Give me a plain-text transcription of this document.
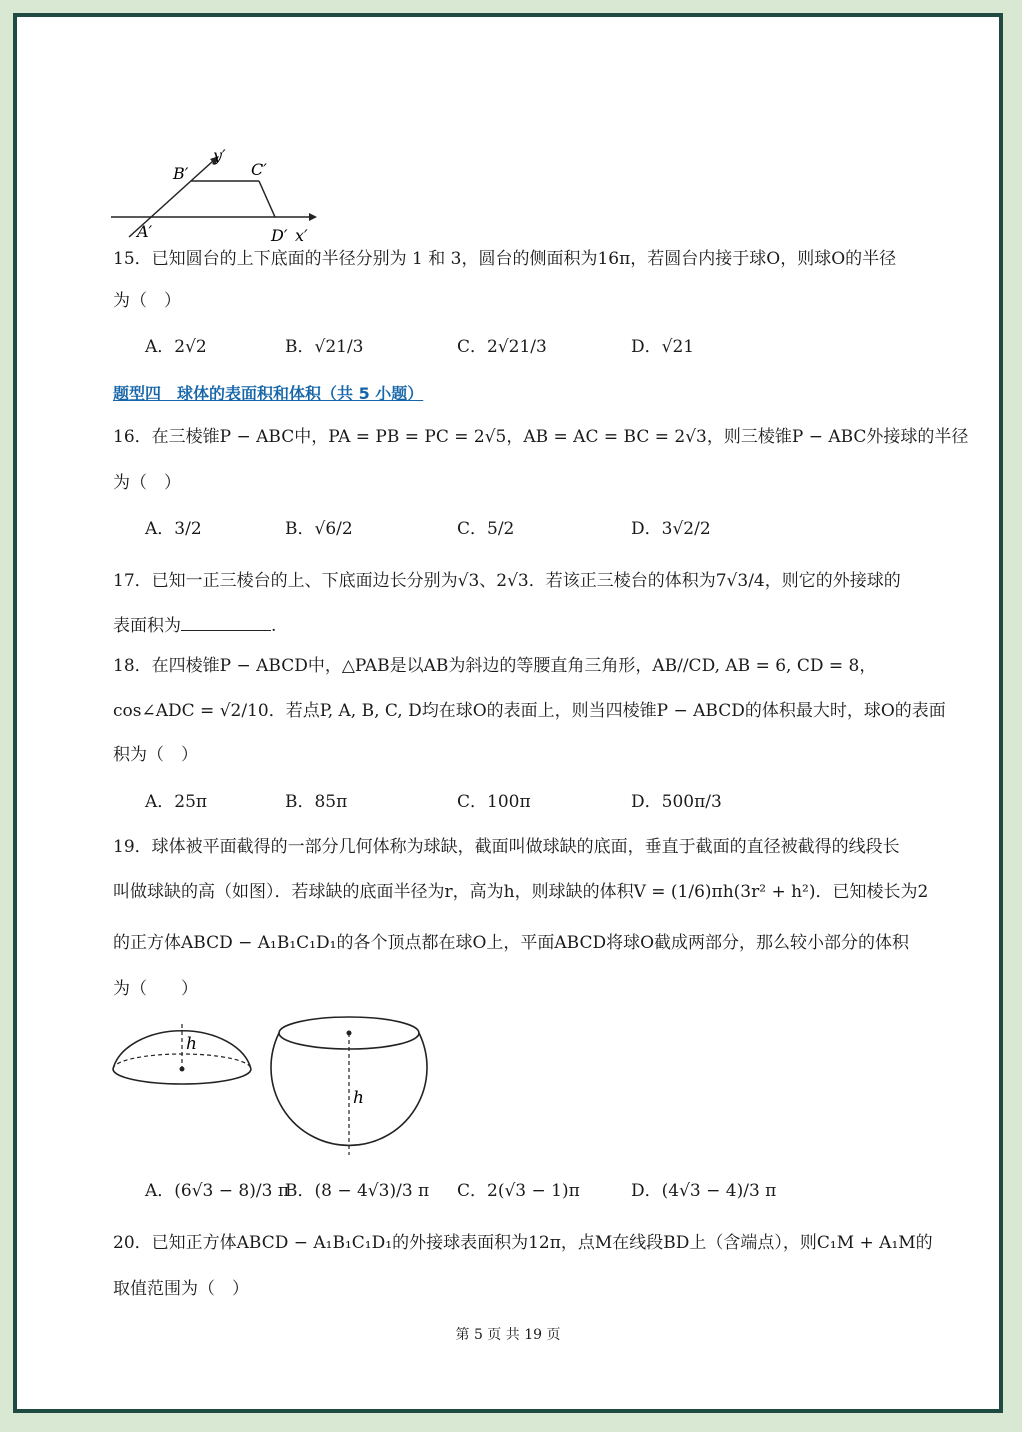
B′
y′
C′
A′	D′ x′
15．已知圆台的上下底面的半径分别为 1 和 3，圆台的侧面积为16π，若圆台内接于球O，则球O的半径
为（　）
A．2√2	B．√21/3	C．2√21/3	D．√21
题型四　球体的表面积和体积（共 5 小题）
16．在三棱锥P − ABC中，PA = PB = PC = 2√5，AB = AC = BC = 2√3，则三棱锥P − ABC外接球的半径
为（　）
A．3/2	B．√6/2	C．5/2	D．3√2/2
17．已知一正三棱台的上、下底面边长分别为√3、2√3．若该正三棱台的体积为7√3/4，则它的外接球的
表面积为	.
18．在四棱锥P − ABCD中，△PAB是以AB为斜边的等腰直角三角形，AB//CD, AB = 6, CD = 8，
cos∠ADC = √2/10．若点P, A, B, C, D均在球O的表面上，则当四棱锥P − ABCD的体积最大时，球O的表面
积为（　）
A．25π	B．85π	C．100π	D．500π/3
19．球体被平面截得的一部分几何体称为球缺，截面叫做球缺的底面，垂直于截面的直径被截得的线段长
叫做球缺的高（如图）．若球缺的底面半径为r，高为h，则球缺的体积V = (1/6)πh(3r² + h²)．已知棱长为2
的正方体ABCD − A₁B₁C₁D₁的各个顶点都在球O上，平面ABCD将球O截成两部分，那么较小部分的体积
为（　　）
h
h
A．(6√3 − 8)/3 π
B．(8 − 4√3)/3 π C．2(√3 − 1)π	D．(4√3 − 4)/3 π
20．已知正方体ABCD − A₁B₁C₁D₁的外接球表面积为12π，点M在线段BD上（含端点），则C₁M + A₁M的
取值范围为（　）
第 5 页 共 19 页
